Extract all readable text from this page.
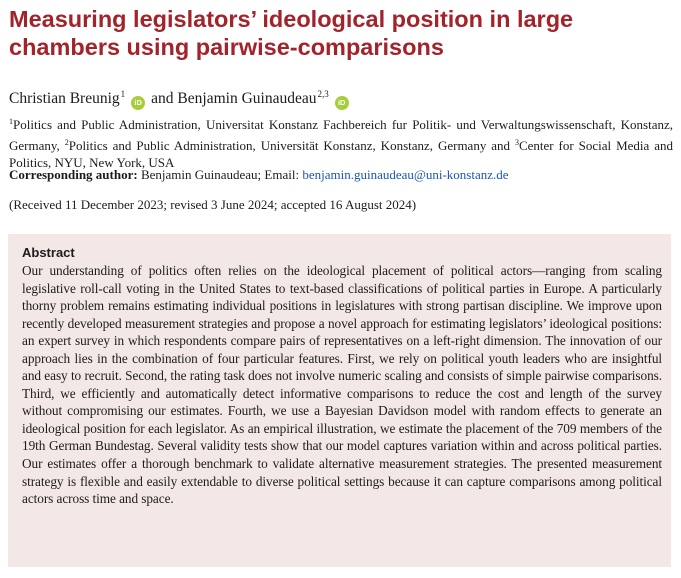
Measuring legislators’ ideological position in large chambers using pairwise-comparisons
Christian Breunig$^1$iD and Benjamin Guinaudeau$^{2,3}$iD

$^1$Politics and Public Administration, Universitat Konstanz Fachbereich fur Politik- und Verwaltungswissenschaft, Konstanz, Germany, $^2$Politics and Public Administration, Universität Konstanz, Konstanz, Germany and $^3$Center for Social Media and Politics, NYU, New York, USA

Corresponding author: Benjamin Guinaudeau; Email: benjamin.guinaudeau@uni-konstanz.de
(Received 11 December 2023; revised 3 June 2024; accepted 16 August 2024)
Abstract

Our understanding of politics often relies on the ideological placement of political actors—ranging from scaling legislative roll-call voting in the United States to text-based classifications of political parties in Europe. A particularly thorny problem remains estimating individual positions in legislatures with strong partisan discipline. We improve upon recently developed measurement strategies and propose a novel approach for estimating legislators’ ideological positions: an expert survey in which respondents compare pairs of representatives on a left-right dimension. The innovation of our approach lies in the combination of four particular features. First, we rely on political youth leaders who are insightful and easy to recruit. Second, the rating task does not involve numeric scaling and consists of simple pairwise comparisons. Third, we efficiently and automatically detect informative comparisons to reduce the cost and length of the survey without compromising our estimates. Fourth, we use a Bayesian Davidson model with random effects to generate an ideological position for each legislator. As an empirical illustration, we estimate the placement of the 709 members of the 19th German Bundestag. Several validity tests show that our model captures variation within and across political parties. Our estimates offer a thorough benchmark to validate alternative measurement strategies. The presented measurement strategy is flexible and easily extendable to diverse political settings because it can capture comparisons among political actors across time and space.
